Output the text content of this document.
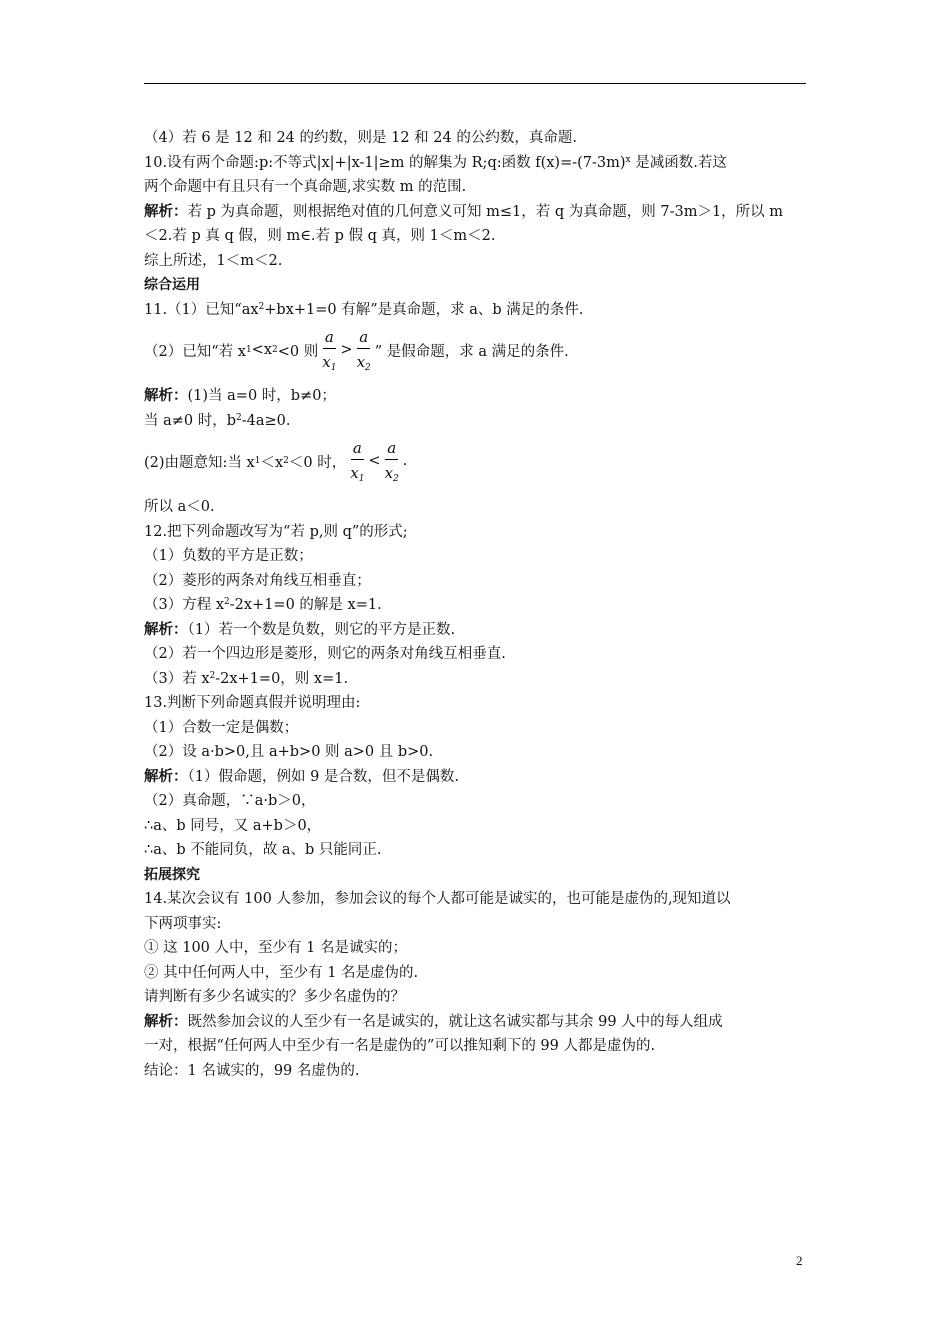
（4）若 6 是 12 和 24 的约数，则是 12 和 24 的公约数，真命题.
10.设有两个命题:p:不等式|x|+|x-1|≥m 的解集为 R;q:函数 $f(x)=-(7-3m)^x$ 是减函数.若这
两个命题中有且只有一个真命题,求实数 m 的范围.
解析：若 p 为真命题，则根据绝对值的几何意义可知 m≤1，若 q 为真命题，则 7-3m＞1，所以 m
＜2.若 p 真 q 假，则 m∈.若 p 假 q 真，则 1＜m＜2.
综上所述，1＜m＜2.
综合运用
11.（1）已知“$ax^2+bx+1=0$ 有解”是真命题，求 a、b 满足的条件.
（2）已知“若 x 1 <x 2 <0 则 $\frac{a}{x_1} > \frac{a}{x_2}$ ” 是假命题，求 a 满足的条件.
解析：(1)当 a=0 时，b≠0；
当 a≠0 时，$b^2-4a\ge 0$.
(2)由题意知:当 x 1 ＜x 2 ＜0 时， $\frac{a}{x_1} < \frac{a}{x_2}$ .
所以 a＜0.
12.把下列命题改写为“若 p,则 q”的形式;
（1）负数的平方是正数；
（2）菱形的两条对角线互相垂直；
（3）方程 $x^2-2x+1=0$ 的解是 x=1.
解析：（1）若一个数是负数，则它的平方是正数.
（2）若一个四边形是菱形，则它的两条对角线互相垂直.
（3）若 $x^2-2x+1=0$，则 x=1.
13.判断下列命题真假并说明理由:
（1）合数一定是偶数；
（2）设 a·b>0,且 a+b>0 则 a>0 且 b>0.
解析：（1）假命题，例如 9 是合数，但不是偶数.
（2）真命题，∵a·b＞0，
∴a、b 同号，又 a+b＞0，
∴a、b 不能同负，故 a、b 只能同正.
拓展探究
14.某次会议有 100 人参加，参加会议的每个人都可能是诚实的，也可能是虚伪的,现知道以
下两项事实:
① 这 100 人中，至少有 1 名是诚实的；
② 其中任何两人中，至少有 1 名是虚伪的.
请判断有多少名诚实的？多少名虚伪的？
解析：既然参加会议的人至少有一名是诚实的，就让这名诚实都与其余 99 人中的每人组成
一对，根据“任何两人中至少有一名是虚伪的”可以推知剩下的 99 人都是虚伪的.
结论：1 名诚实的，99 名虚伪的.
2
